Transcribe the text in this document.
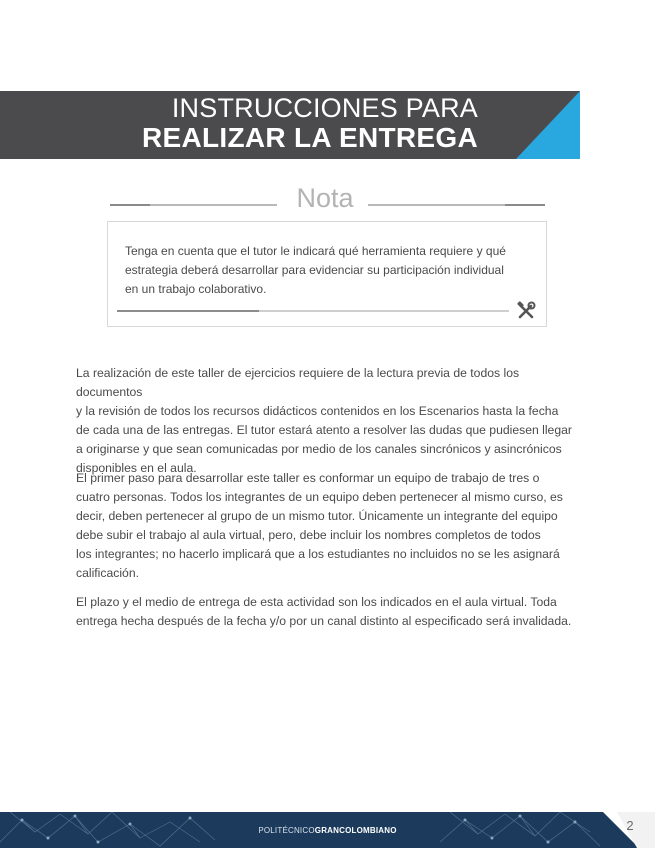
INSTRUCCIONES PARA
REALIZAR LA ENTREGA
Nota
Tenga en cuenta que el tutor le indicará qué herramienta requiere y qué
estrategia deberá desarrollar para evidenciar su participación individual
en un trabajo colaborativo.
La realización de este taller de ejercicios requiere de la lectura previa de todos los documentos
y la revisión de todos los recursos didácticos contenidos en los Escenarios hasta la fecha
de cada una de las entregas. El tutor estará atento a resolver las dudas que pudiesen llegar
a originarse y que sean comunicadas por medio de los canales sincrónicos y asincrónicos
disponibles en el aula.
El primer paso para desarrollar este taller es conformar un equipo de trabajo de tres o
cuatro personas. Todos los integrantes de un equipo deben pertenecer al mismo curso, es
decir, deben pertenecer al grupo de un mismo tutor. Únicamente un integrante del equipo
debe subir el trabajo al aula virtual, pero, debe incluir los nombres completos de todos
los integrantes; no hacerlo implicará que a los estudiantes no incluidos no se les asignará
calificación.
El plazo y el medio de entrega de esta actividad son los indicados en el aula virtual. Toda
entrega hecha después de la fecha y/o por un canal distinto al especificado será invalidada.
POLITÉCNICOGRANCOLOMBIANO	2
